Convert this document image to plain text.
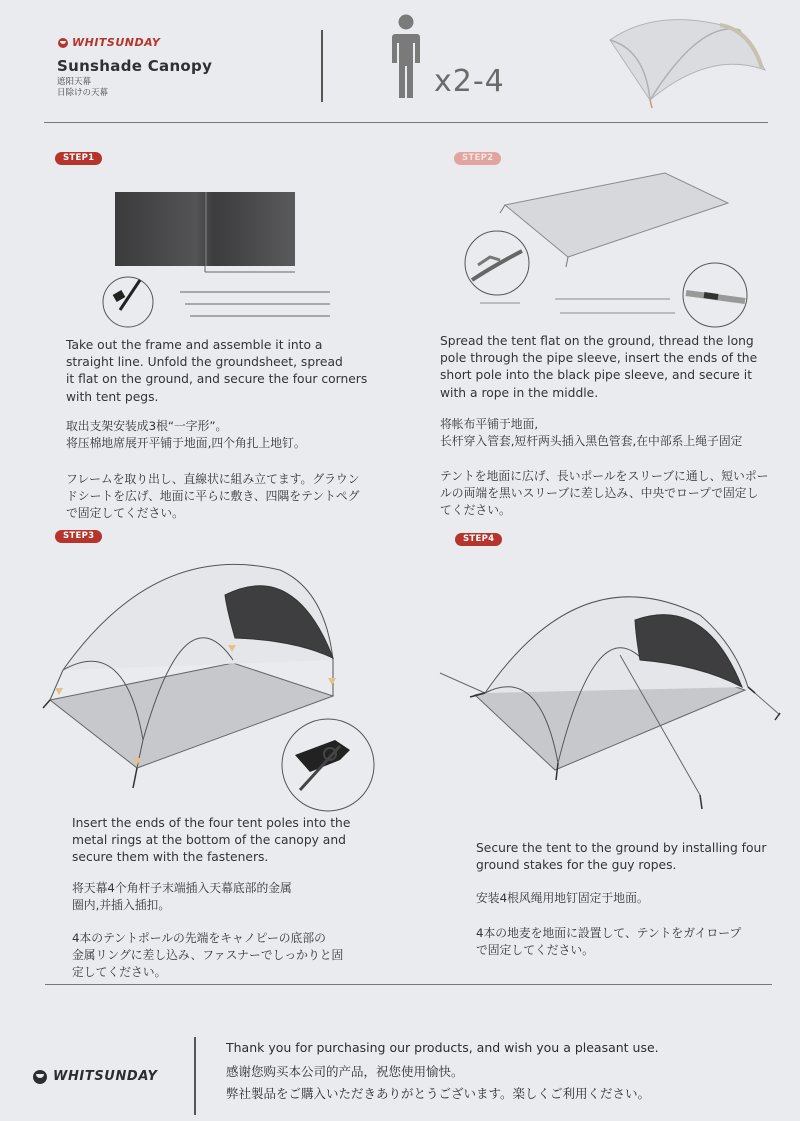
WHITSUNDAY
Sunshade Canopy
遮阳天幕
日除けの天幕	x2-4
STEP1
Take out the frame and assemble it into a
straight line. Unfold the groundsheet, spread
it flat on the ground, and secure the four corners
with tent pegs.
取出支架安装成3根“一字形”。
将压棉地席展开平铺于地面,四个角扎上地钉。
フレームを取り出し、直線状に組み立てます。グラウン
ドシートを広げ、地面に平らに敷き、四隅をテントペグ
で固定してください。
STEP2
Spread the tent flat on the ground, thread the long
pole through the pipe sleeve, insert the ends of the
short pole into the black pipe sleeve, and secure it
with a rope in the middle.
将帐布平铺于地面,
长杆穿入管套,短杆两头插入黑色管套,在中部系上绳子固定
テントを地面に広げ、長いポールをスリーブに通し、短いポー
ルの両端を黒いスリーブに差し込み、中央でロープで固定し
てください。
STEP3
Insert the ends of the four tent poles into the
metal rings at the bottom of the canopy and
secure them with the fasteners.
将天幕4个角杆子末端插入天幕底部的金属
圈内,并插入插扣。
4本のテントポールの先端をキャノピーの底部の
金属リングに差し込み、ファスナーでしっかりと固
定してください。
STEP4
Secure the tent to the ground by installing four
ground stakes for the guy ropes.
安装4根风绳用地钉固定于地面。
4本の地麦を地面に設置して、テントをガイロープ
で固定してください。
WHITSUNDAY
Thank you for purchasing our products, and wish you a pleasant use.
感谢您购买本公司的产品，祝您使用愉快。
弊社製品をご購入いただきありがとうございます。楽しくご利用ください。
